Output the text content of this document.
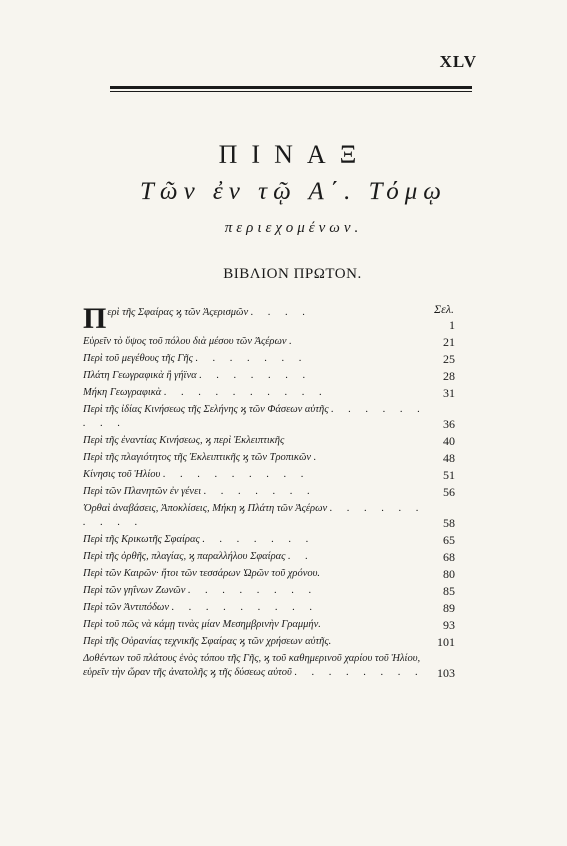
XLV
ΠΙΝΑΞ
Τῶν ἐν τῷ Α΄. Τόμῳ
περιεχομένων.
ΒΙΒΛΙΟΝ ΠΡΩΤΟΝ.
Σελ.
Περὶ τῆς Σφαίρας ϗ τῶν Ἀςερισμῶν . . . .
1
Εὑρεῖν τὸ ὕψος τοῦ πόλου διὰ μέσου τῶν Ἀςέρων .	21
Περὶ τοῦ μεγέθους τῆς Γῆς . . . . . . .	25
Πλάτη Γεωγραφικὰ ἢ γήϊνα . . . . . . .	28
Μήκη Γεωγραφικὰ . . . . . . . . . .	31
Περὶ τῆς ἰδίας Κινήσεως τῆς Σελήνης ϗ τῶν Φάσεων αὐτῆς . . . . . . . . .	36
Περὶ τῆς ἐναντίας Κινήσεως, ϗ περὶ Ἐκλειπτικῆς	40
Περὶ τῆς πλαγιότητος τῆς Ἐκλειπτικῆς ϗ τῶν Τροπικῶν .	48
Κίνησις τοῦ Ἡλίου . . . . . . . . .	51
Περὶ τῶν Πλανητῶν ἐν γένει . . . . . . .	56
Ὀρθαὶ ἀναβάσεις, Ἀποκλίσεις, Μήκη ϗ Πλάτη τῶν Ἀςέρων . . . . . . . . . .	58
Περὶ τῆς Κρικωτῆς Σφαίρας . . . . . . .	65
Περὶ τῆς ὀρθῆς, πλαγίας, ϗ παραλλήλου Σφαίρας . .	68
Περὶ τῶν Καιρῶν· ἤτοι τῶν τεσσάρων Ὡρῶν τοῦ χρόνου.	80
Περὶ τῶν γηΐνων Ζωνῶν . . . . . . . .	85
Περὶ τῶν Ἀντιπόδων . . . . . . . . .	89
Περὶ τοῦ πῶς νὰ κάμῃ τινὰς μίαν Μεσημβρινὴν Γραμμήν.	93
Περὶ τῆς Οὐρανίας τεχνικῆς Σφαίρας ϗ τῶν χρήσεων αὐτῆς.	101
Δοθέντων τοῦ πλάτους ἑνὸς τόπου τῆς Γῆς, ϗ τοῦ καθημερινοῦ χαρίου τοῦ Ἡλίου, εὑρεῖν τὴν ὥραν τῆς ἀνατολῆς ϗ τῆς δύσεως αὐτοῦ . . . . . . . .	103
